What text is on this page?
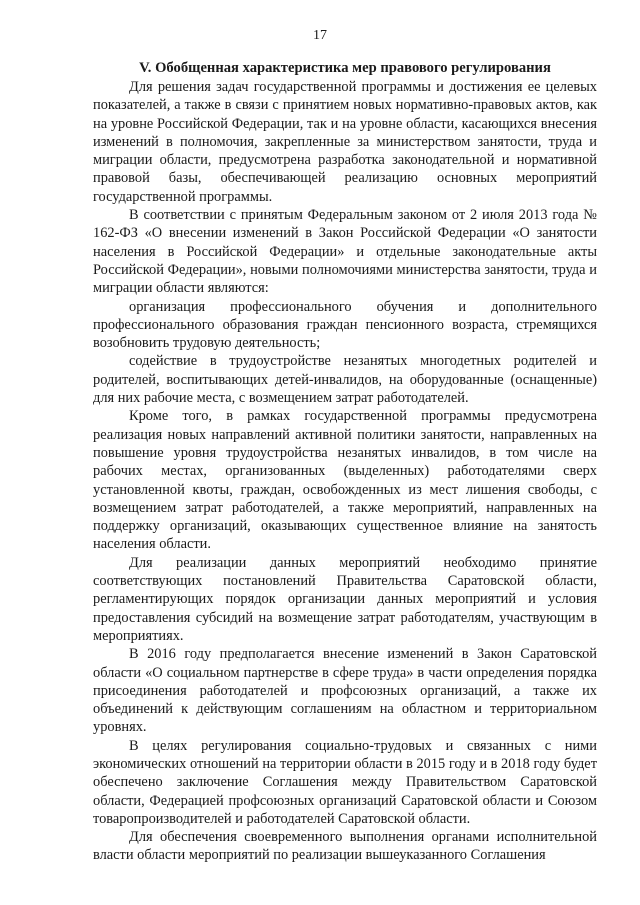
17
V. Обобщенная характеристика мер правового регулирования

Для решения задач государственной программы и достижения ее целевых показателей, а также в связи с принятием новых нормативно-правовых актов, как на уровне Российской Федерации, так и на уровне области, касающихся внесения изменений в полномочия, закрепленные за министерством занятости, труда и миграции области, предусмотрена разработка законодательной и нормативной правовой базы, обеспечивающей реализацию основных мероприятий государственной программы.

В соответствии с принятым Федеральным законом от 2 июля 2013 года № 162-ФЗ «О внесении изменений в Закон Российской Федерации «О занятости населения в Российской Федерации» и отдельные законодательные акты Российской Федерации», новыми полномочиями министерства занятости, труда и миграции области являются:

организация профессионального обучения и дополнительного профессионального образования граждан пенсионного возраста, стремящихся возобновить трудовую деятельность;

содействие в трудоустройстве незанятых многодетных родителей и родителей, воспитывающих детей-инвалидов, на оборудованные (оснащенные) для них рабочие места, с возмещением затрат работодателей.

Кроме того, в рамках государственной программы предусмотрена реализация новых направлений активной политики занятости, направленных на повышение уровня трудоустройства незанятых инвалидов, в том числе на рабочих местах, организованных (выделенных) работодателями сверх установленной квоты, граждан, освобожденных из мест лишения свободы, с возмещением затрат работодателей, а также мероприятий, направленных на поддержку организаций, оказывающих существенное влияние на занятость населения области.

Для реализации данных мероприятий необходимо принятие соответствующих постановлений Правительства Саратовской области, регламентирующих порядок организации данных мероприятий и условия предоставления субсидий на возмещение затрат работодателям, участвующим в мероприятиях.

В 2016 году предполагается внесение изменений в Закон Саратовской области «О социальном партнерстве в сфере труда» в части определения порядка присоединения работодателей и профсоюзных организаций, а также их объединений к действующим соглашениям на областном и территориальном уровнях.

В целях регулирования социально-трудовых и связанных с ними экономических отношений на территории области в 2015 году и в 2018 году будет обеспечено заключение Соглашения между Правительством Саратовской области, Федерацией профсоюзных организаций Саратовской области и Союзом товаропроизводителей и работодателей Саратовской области.

Для обеспечения своевременного выполнения органами исполнительной власти области мероприятий по реализации вышеуказанного Соглашения
